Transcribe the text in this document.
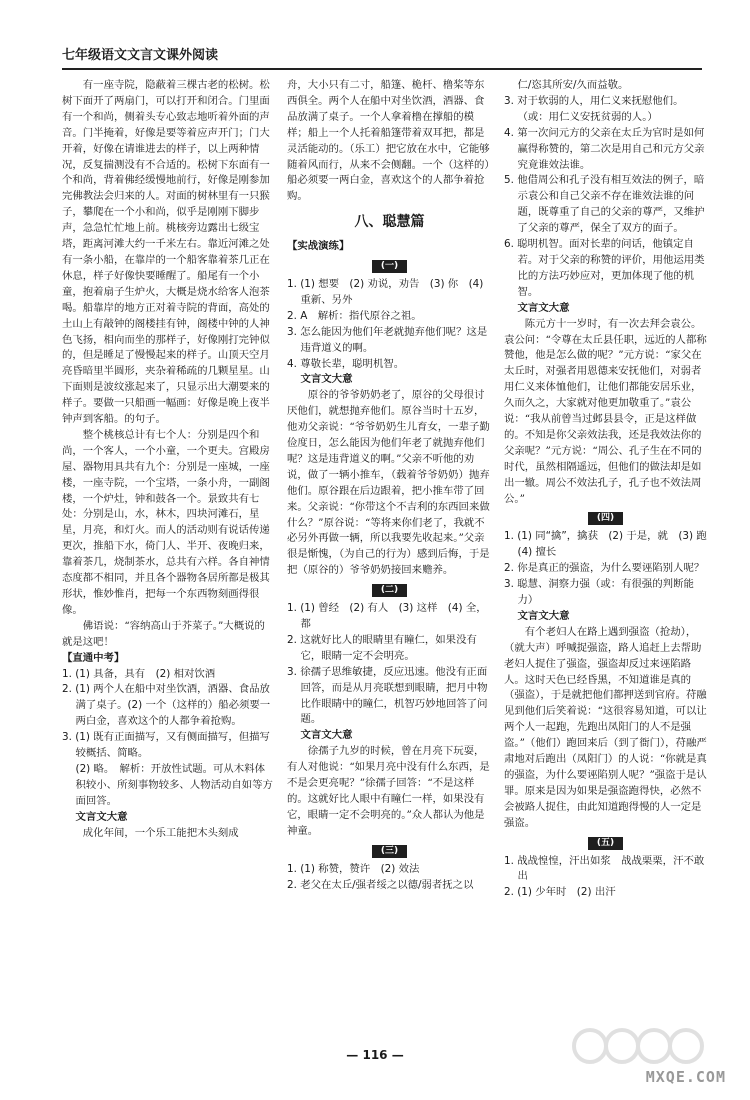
七年级语文文言文课外阅读

有一座寺院，隐蔽着三棵古老的松树。松树下面开了两扇门，可以打开和闭合。门里面有一个和尚，侧着头专心致志地听着外面的声音。门半掩着，好像是要等着应声开门；门大开着，好像在请谁进去的样子，以上两种情况，反复揣测没有不合适的。松树下东面有一个和尚，背着佛经缓慢地前行，好像是刚参加完佛教法会归来的人。对面的树林里有一只猴子，攀爬在一个小和尚，似乎是刚刚下脚步声，急急忙忙地上前。桃核旁边露出七级宝塔，距离河滩大约一千米左右。靠近河滩之处有一条小船，在靠岸的一个船客靠着茶几正在休息，样子好像快要睡醒了。船尾有一个小童，抱着扇子生炉火，大概是烧水给客人泡茶喝。船靠岸的地方正对着寺院的背面，高处的土山上有敲钟的阁楼挂有钟，阁楼中钟的人神色飞扬，相向而坐的那样子，好像刚打完钟似的，但是睡足了慢慢起来的样子。山顶天空月亮昏暗里半圆形，夹杂着稀疏的几颗星星。山下面则是波纹涨起来了，只显示出大潮要来的样子。要做一只船画一幅画：好像是晚上夜半钟声到客船。的句子。

整个桃核总计有七个人：分别是四个和尚，一个客人，一个小童，一个更夫。宫殿房屋、器物用具共有九个：分别是一座城，一座楼，一座寺院，一个宝塔，一条小舟，一副阁楼，一个炉灶，钟和鼓各一个。景致共有七处：分别是山，水，林木，四块河滩石，星星，月亮，和灯火。而人的活动则有说话传递更次，推船下水，倚门人、半开、夜晚归来，靠着茶几，烧制茶水，总共有六样。各自神情态度都不相同，并且各个器物各居所都是极其形状，惟妙惟肖，把每一个东西物刻画得很像。

佛语说：“容纳高山于芥菜子。”大概说的就是这吧！

【直通中考】

1. (1) 具备，具有　(2) 相对饮酒

2. (1) 两个人在船中对坐饮酒，酒器、食品放满了桌子。(2) 一个（这样的）船必须要一两白金，喜欢这个的人都争着抢购。

3. (1) 既有正面描写，又有侧面描写，但描写较概括、简略。

(2) 略。　解析：开放性试题。可从木料体积较小、所刻事物较多、人物活动自如等方面回答。

文言文大意

成化年间，一个乐工能把木头刻成

舟，大小只有二寸，船篷、桅杆、橹桨等东西俱全。两个人在船中对坐饮酒，酒器、食品放满了桌子。一个人拿着橹在撑船的模样；船上一个人托着船篷带着双耳把，都是灵活能动的。（乐工）把它放在水中，它能够随着风而行，从来不会侧翻。一个（这样的）船必须要一两白金，喜欢这个的人都争着抢购。

八、聪慧篇

【实战演练】

(一)

1. (1) 想要　(2) 劝说，劝告　(3) 你　(4) 重新、另外

2. A　解析：指代原谷之祖。

3. 怎么能因为他们年老就抛弃他们呢？这是违背道义的啊。

4. 尊敬长辈，聪明机智。

文言文大意

原谷的爷爷奶奶老了，原谷的父母很讨厌他们，就想抛弃他们。原谷当时十五岁，他劝父亲说：“爷爷奶奶生儿育女，一辈子勤俭度日，怎么能因为他们年老了就抛弃他们呢？这是违背道义的啊。”父亲不听他的劝说，做了一辆小推车，（载着爷爷奶奶）抛弃他们。原谷跟在后边跟着，把小推车带了回来。父亲说：“你带这个不吉利的东西回来做什么？”原谷说：“等将来你们老了，我就不必另外再做一辆，所以我要先收起来。”父亲很是惭愧，（为自己的行为）感到后悔，于是把（原谷的）爷爷奶奶接回来赡养。

(二)

1. (1) 曾经　(2) 有人　(3) 这样　(4) 全，都

2. 这就好比人的眼睛里有瞳仁，如果没有它，眼睛一定不会明亮。

3. 徐孺子思维敏捷，反应迅速。他没有正面回答，而是从月亮联想到眼睛，把月中物比作眼睛中的瞳仁，机智巧妙地回答了问题。

文言文大意

徐孺子九岁的时候，曾在月亮下玩耍，有人对他说：“如果月亮中没有什么东西，是不是会更亮呢？”徐孺子回答：“不是这样的。这就好比人眼中有瞳仁一样，如果没有它，眼睛一定不会明亮的。”众人都认为他是神童。

(三)

1. (1) 称赞，赞许　(2) 效法

2. 老父在太丘/强者绥之以德/弱者抚之以

仁/恣其所安/久而益敬。

3. 对于软弱的人，用仁义来抚慰他们。（或：用仁义安抚贫弱的人。）

4. 第一次问元方的父亲在太丘为官时是如何赢得称赞的，第二次是用自己和元方父亲究竟谁效法谁。

5. 他借周公和孔子没有相互效法的例子，暗示袁公和自己父亲不存在谁效法谁的问题，既尊重了自己的父亲的尊严，又维护了父亲的尊严，保全了双方的面子。

6. 聪明机智。面对长辈的问话，他镇定自若。对于父亲的称赞的评价，用他运用类比的方法巧妙应对，更加体现了他的机智。

文言文大意

陈元方十一岁时，有一次去拜会袁公。袁公问：“令尊在太丘县任职，远近的人都称赞他，他是怎么做的呢？”元方说：“家父在太丘时，对强者用恩德来安抚他们，对弱者用仁义来体恤他们，让他们都能安居乐业，久而久之，大家就对他更加敬重了。”袁公说：“我从前曾当过邺县县令，正是这样做的。不知是你父亲效法我，还是我效法你的父亲呢？”元方说：“周公、孔子生在不同的时代，虽然相隔遥远，但他们的做法却是如出一辙。周公不效法孔子，孔子也不效法周公。”

(四)

1. (1) 同“擒”，擒获　(2) 于是，就　(3) 跑　(4) 擅长

2. 你是真正的强盗，为什么要诬陷别人呢？

3. 聪慧、洞察力强（或：有很强的判断能力）

文言文大意

有个老妇人在路上遇到强盗（抢劫），（就大声）呼喊捉强盗，路人追赶上去帮助老妇人捉住了强盗，强盗却反过来诬陷路人。这时天色已经昏黑，不知道谁是真的（强盗），于是就把他们都押送到官府。苻融见到他们后笑着说：“这很容易知道，可以让两个人一起跑，先跑出凤阳门的人不是强盗。”（他们）跑回来后（到了衙门），苻融严肃地对后跑出（凤阳门）的人说：“你就是真的强盗，为什么要诬陷别人呢？”强盗于是认罪。原来是因为如果是强盗跑得快，必然不会被路人捉住，由此知道跑得慢的人一定是强盗。

(五)

1. 战战惶惶，汗出如浆　战战栗栗，汗不敢出

2. (1) 少年时　(2) 出汗

— 116 —
MXQE.COM
